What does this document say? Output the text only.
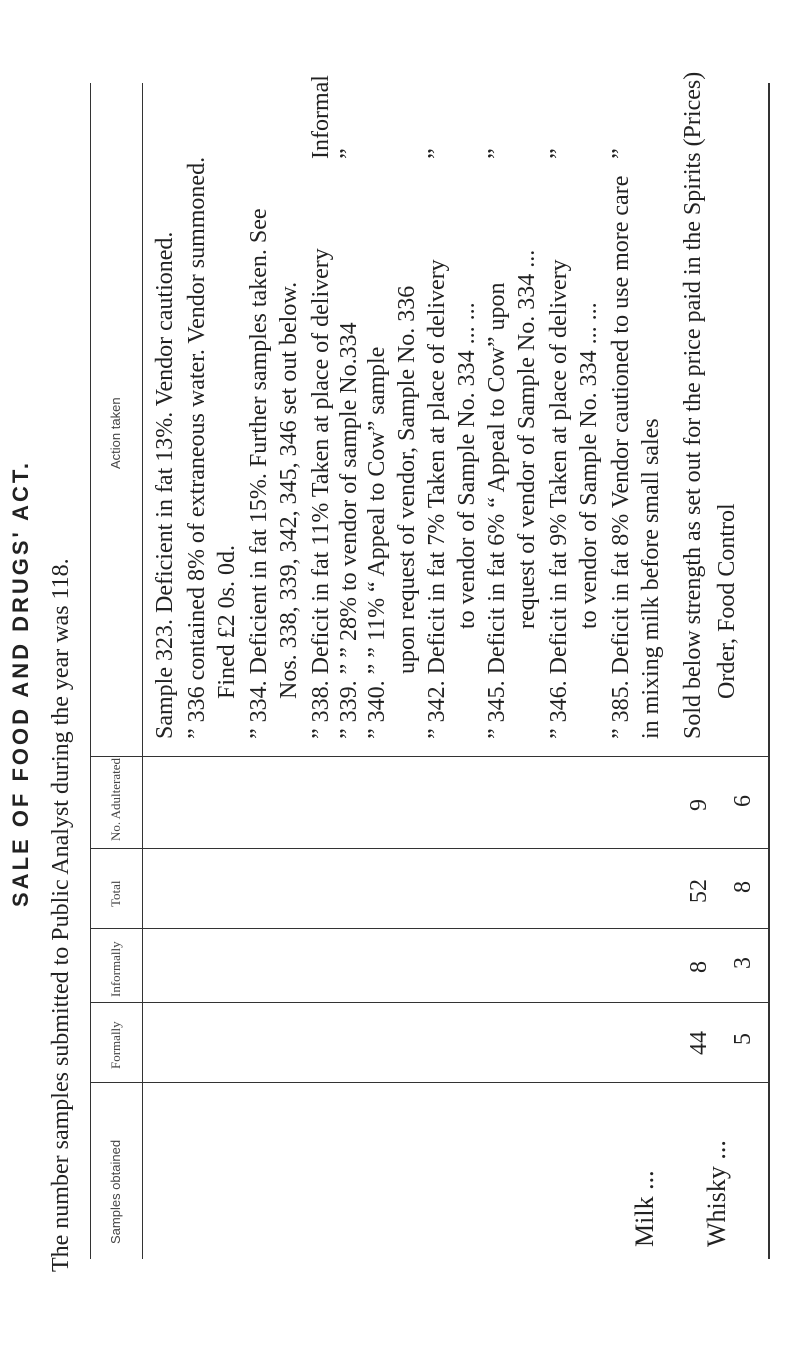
SALE OF FOOD AND DRUGS' ACT. The number samples submitted to Public Analyst during the year was 118.	Samples obtained
Formally
Informally
Total
No. Adulterated
Action taken
Milk ...
44
8
52
9
Sample 323. Deficient in fat 13%. Vendor cautioned. ” 336 contained 8% of extraneous water. Vendor summoned. Fined £2 0s. 0d. ” 334. Deficient in fat 15%. Further samples taken. See Nos. 338, 339, 342, 345, 346 set out below. ” 338. Deficit in fat 11% Taken at place of delivery ” 339. ” ” 28% to vendor of sample No.334 ” 340. ” ” 11% “ Appeal to Cow” sample upon request of vendor, Sample No. 336 ” 342. Deficit in fat 7% Taken at place of delivery to vendor of Sample No. 334 ... ... ” 345. Deficit in fat 6% “ Appeal to Cow” upon request of vendor of Sample No. 334 ... ” 346. Deficit in fat 9% Taken at place of delivery to vendor of Sample No. 334 ... ... ” 385. Deficit in fat 8% Vendor cautioned to use more care in mixing milk before small sales
Informal ”	” ” ” ”
Whisky ...
5
3
8
6
Sold below strength as set out for the price paid in the Spirits (Prices) Order, Food Control
